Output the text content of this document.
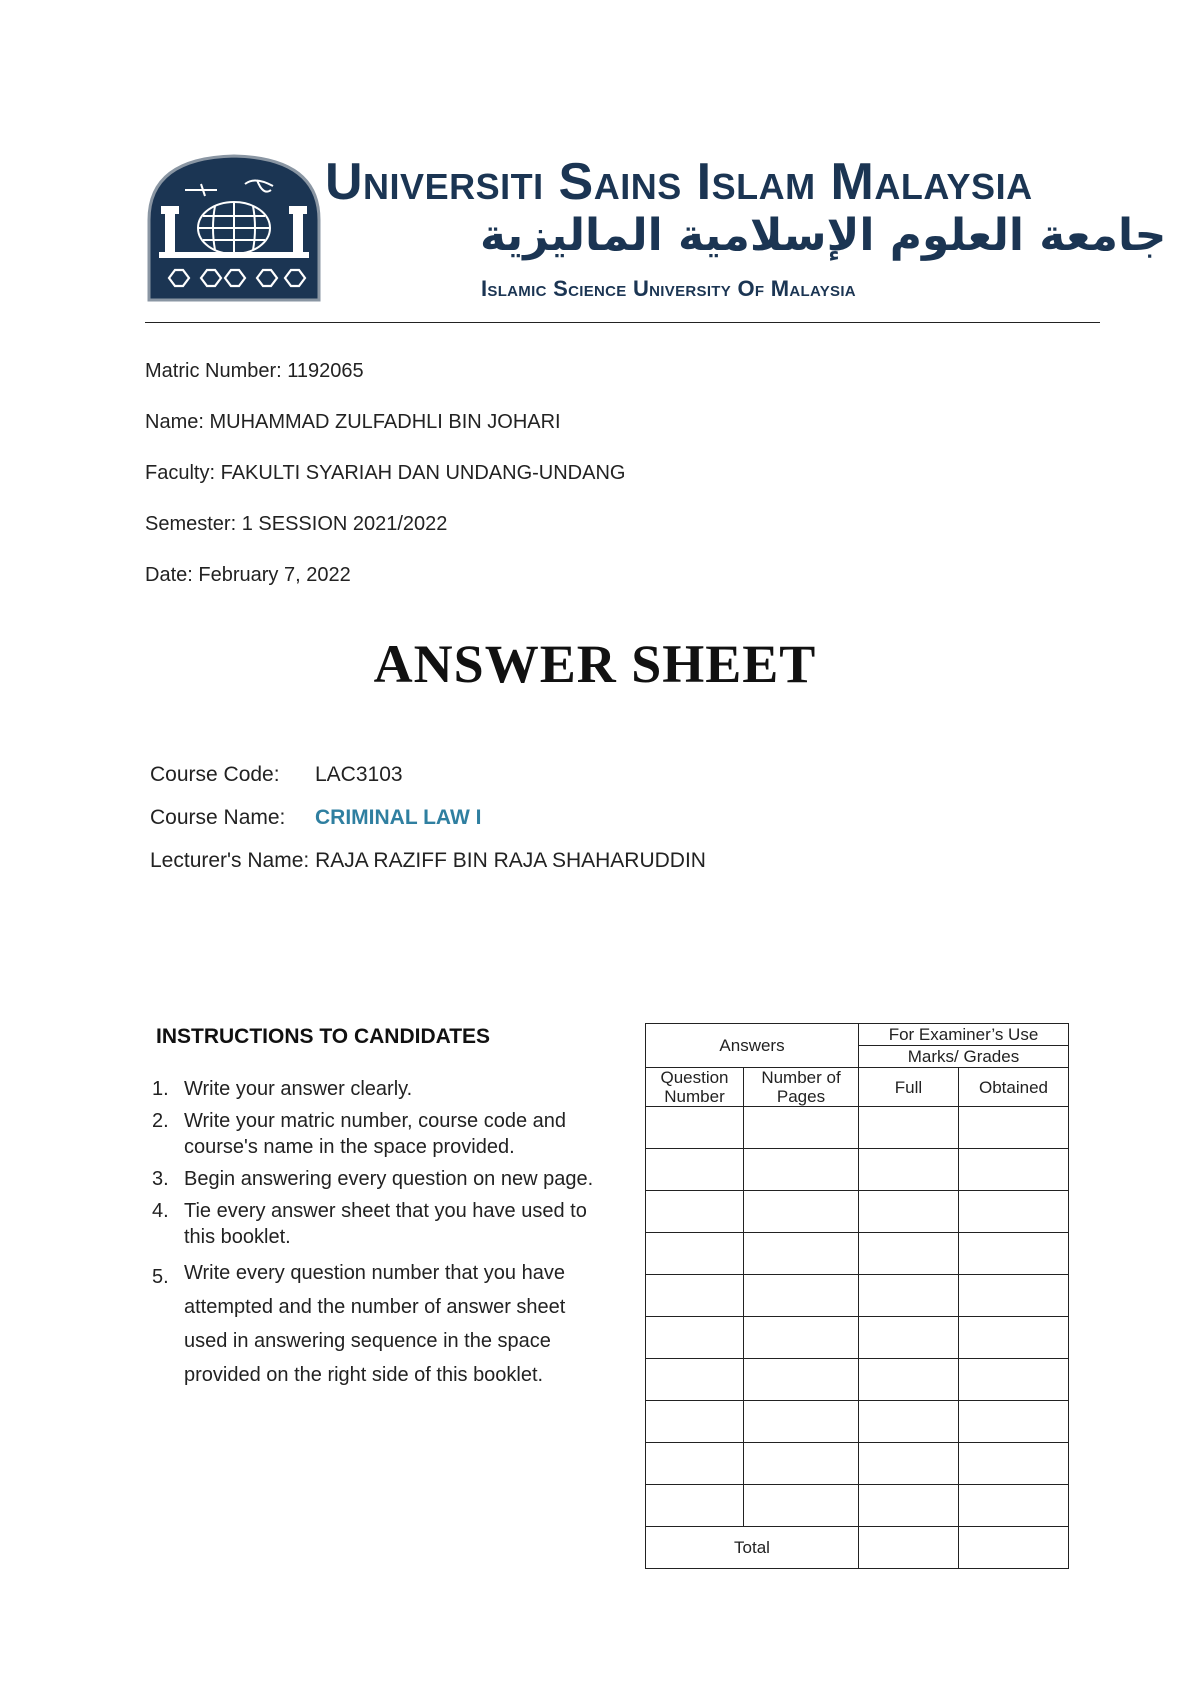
Universiti Sains Islam Malaysia
جامعة العلوم الإسلامية الماليزية
Islamic Science University Of Malaysia
Matric Number: 1192065
Name: MUHAMMAD ZULFADHLI BIN JOHARI
Faculty: FAKULTI SYARIAH DAN UNDANG-UNDANG
Semester: 1 SESSION 2021/2022
Date: February 7, 2022
ANSWER SHEET
Course Code: LAC3103
Course Name: CRIMINAL LAW I
Lecturer's Name: RAJA RAZIFF BIN RAJA SHAHARUDDIN
INSTRUCTIONS TO CANDIDATES
1. Write your answer clearly.
2. Write your matric number, course code and course's name in the space provided.
3. Begin answering every question on new page.
4. Tie every answer sheet that you have used to this booklet.
5. Write every question number that you have attempted and the number of answer sheet used in answering sequence in the space provided on the right side of this booklet.
Answers		For Examiner’s Use	
		Marks/ Grades	
Question Number	Number of Pages	Full	Obtained

Total			
